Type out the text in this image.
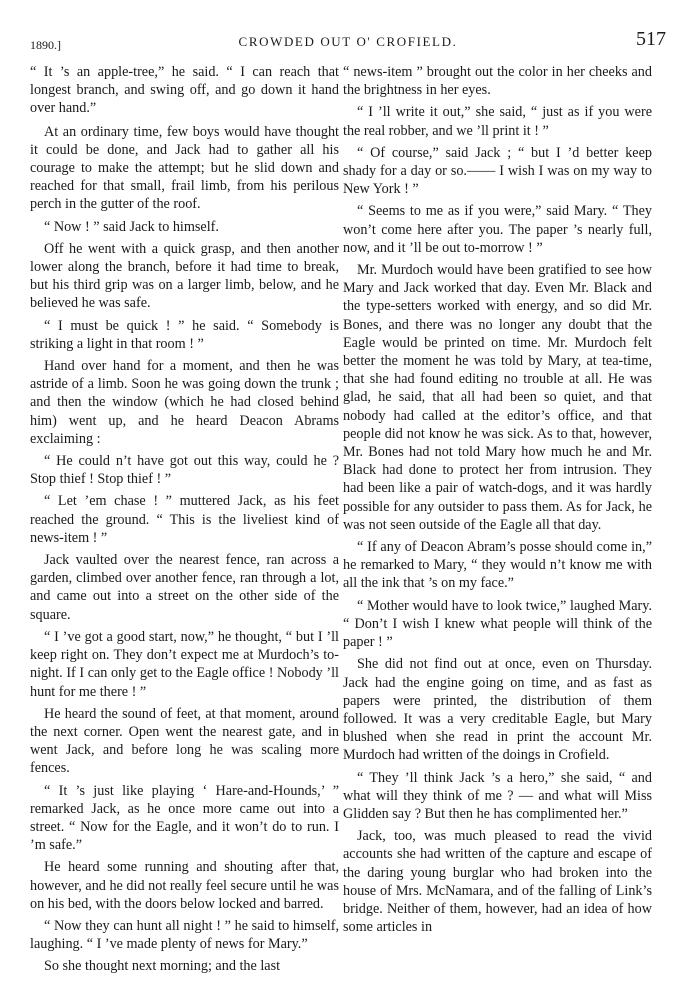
1890.]	CROWDED OUT O' CROFIELD.	517

“ It ’s an apple-tree,” he said. “ I can reach that longest branch, and swing off, and go down it hand over hand.”

At an ordinary time, few boys would have thought it could be done, and Jack had to gather all his courage to make the attempt; but he slid down and reached for that small, frail limb, from his perilous perch in the gutter of the roof.

“ Now ! ” said Jack to himself.

Off he went with a quick grasp, and then another lower along the branch, before it had time to break, but his third grip was on a larger limb, below, and he believed he was safe.

“ I must be quick ! ” he said. “ Somebody is striking a light in that room ! ”

Hand over hand for a moment, and then he was astride of a limb. Soon he was going down the trunk ; and then the window (which he had closed behind him) went up, and he heard Deacon Abrams exclaiming :

“ He could n’t have got out this way, could he ? Stop thief ! Stop thief ! ”

“ Let ’em chase ! ” muttered Jack, as his feet reached the ground. “ This is the liveliest kind of news-item ! ”

Jack vaulted over the nearest fence, ran across a garden, climbed over another fence, ran through a lot, and came out into a street on the other side of the square.

“ I ’ve got a good start, now,” he thought, “ but I ’ll keep right on. They don’t expect me at Murdoch’s to-night. If I can only get to the Eagle office ! Nobody ’ll hunt for me there ! ”

He heard the sound of feet, at that moment, around the next corner. Open went the nearest gate, and in went Jack, and before long he was scaling more fences.

“ It ’s just like playing ‘ Hare-and-Hounds,’ ” remarked Jack, as he once more came out into a street. “ Now for the Eagle, and it won’t do to run. I ’m safe.”

He heard some running and shouting after that, however, and he did not really feel secure until he was on his bed, with the doors below locked and barred.

“ Now they can hunt all night ! ” he said to himself, laughing. “ I ’ve made plenty of news for Mary.”

So she thought next morning; and the last

“ news-item ” brought out the color in her cheeks and the brightness in her eyes.

“ I ’ll write it out,” she said, “ just as if you were the real robber, and we ’ll print it ! ”

“ Of course,” said Jack ; “ but I ’d better keep shady for a day or so.—— I wish I was on my way to New York ! ”

“ Seems to me as if you were,” said Mary. “ They won’t come here after you. The paper ’s nearly full, now, and it ’ll be out to-morrow ! ”

Mr. Murdoch would have been gratified to see how Mary and Jack worked that day. Even Mr. Black and the type-setters worked with energy, and so did Mr. Bones, and there was no longer any doubt that the Eagle would be printed on time. Mr. Murdoch felt better the moment he was told by Mary, at tea-time, that she had found editing no trouble at all. He was glad, he said, that all had been so quiet, and that nobody had called at the editor’s office, and that people did not know he was sick. As to that, however, Mr. Bones had not told Mary how much he and Mr. Black had done to protect her from intrusion. They had been like a pair of watch-dogs, and it was hardly possible for any outsider to pass them. As for Jack, he was not seen outside of the Eagle all that day.

“ If any of Deacon Abram’s posse should come in,” he remarked to Mary, “ they would n’t know me with all the ink that ’s on my face.”

“ Mother would have to look twice,” laughed Mary. “ Don’t I wish I knew what people will think of the paper ! ”

She did not find out at once, even on Thursday. Jack had the engine going on time, and as fast as papers were printed, the distribution of them followed. It was a very creditable Eagle, but Mary blushed when she read in print the account Mr. Murdoch had written of the doings in Crofield.

“ They ’ll think Jack ’s a hero,” she said, “ and what will they think of me ? — and what will Miss Glidden say ? But then he has complimented her.”

Jack, too, was much pleased to read the vivid accounts she had written of the capture and escape of the daring young burglar who had broken into the house of Mrs. McNamara, and of the falling of Link’s bridge. Neither of them, however, had an idea of how some articles in
